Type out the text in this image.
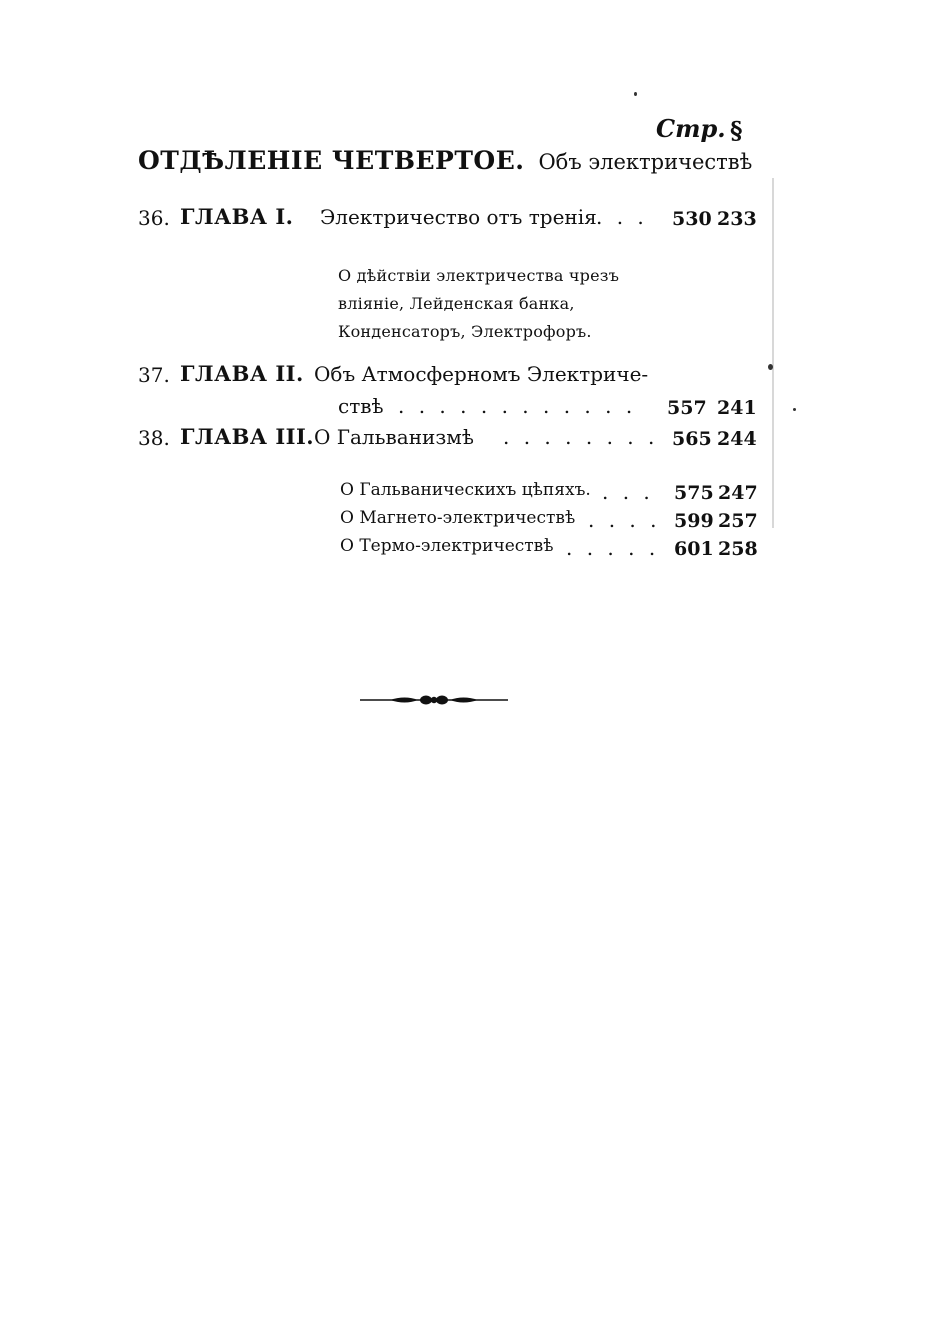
Стр. §
ОТДѢЛЕНІЕ ЧЕТВЕРТОЕ. Объ электричествѣ
36. ГЛАВА I. Электричество отъ тренія . . . 530 233
О дѣйствіи электричества чрезъ вліяніе, Лейденская банка, Конденсаторъ, Электрофоръ.
37. ГЛАВА II. Объ Атмосферномъ Электриче-
ствѣ . . . . . . . . . . . . 557 241
38. ГЛАВА III. О Гальванизмѣ . . . . . . . . 565 244
О Гальваническихъ цѣпяхъ. . . . 575 247
О Магнето-электричествѣ . . . . 599 257
О Термо-электричествѣ . . . . . 601 258
